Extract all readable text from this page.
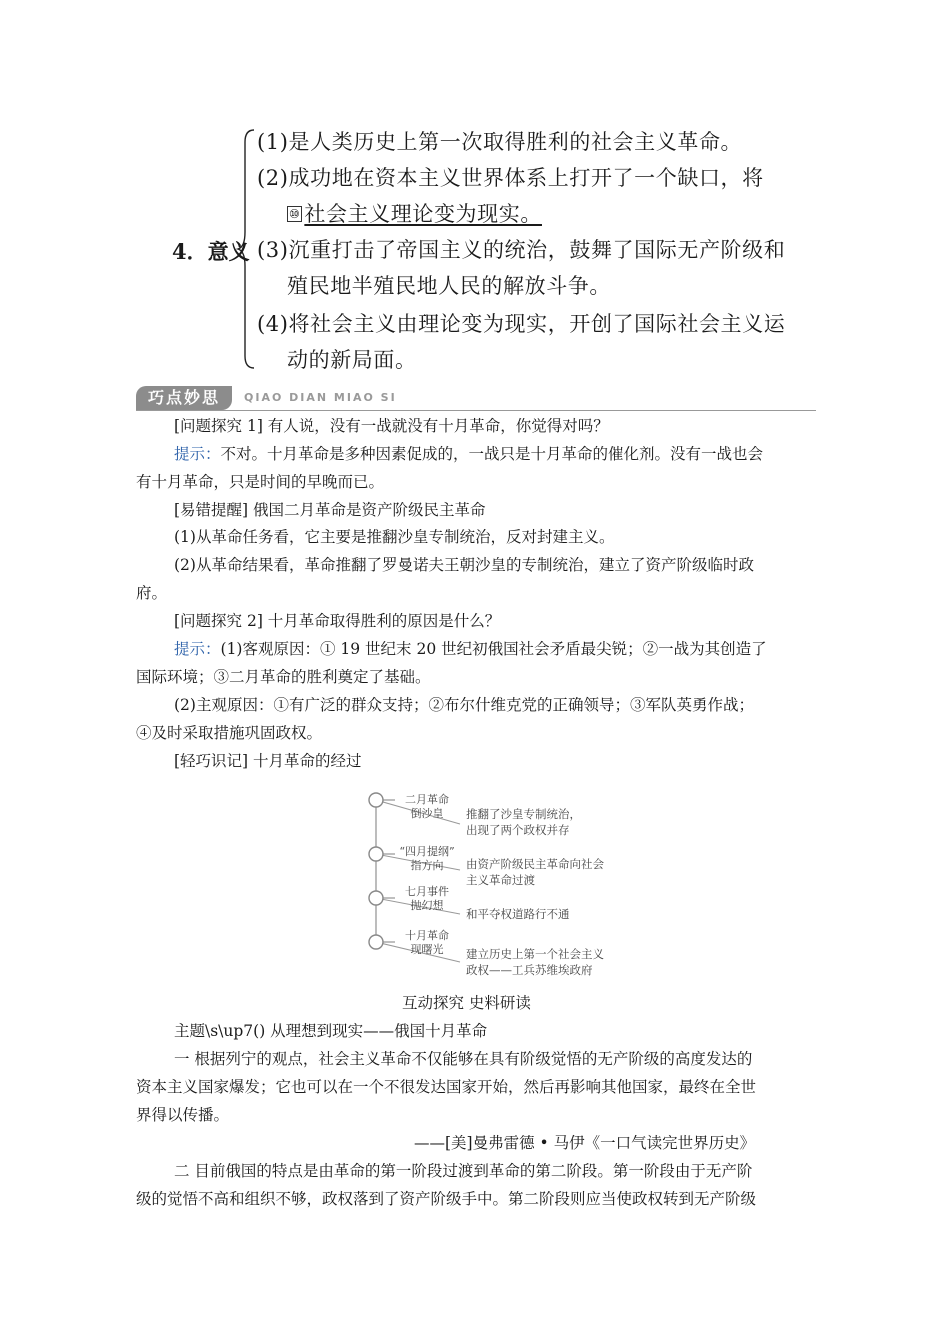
4．意义
(1)是人类历史上第一次取得胜利的社会主义革命。
(2)成功地在资本主义世界体系上打开了一个缺口，将
⑩ 社会主义理论变为现实。
(3)沉重打击了帝国主义的统治，鼓舞了国际无产阶级和
殖民地半殖民地人民的解放斗争。
(4)将社会主义由理论变为现实，开创了国际社会主义运
动的新局面。
巧点妙思	QIAO DIAN MIAO SI
[问题探究 1] 有人说，没有一战就没有十月革命，你觉得对吗？
提示：不对。十月革命是多种因素促成的，一战只是十月革命的催化剂。没有一战也会
有十月革命，只是时间的早晚而已。
[易错提醒] 俄国二月革命是资产阶级民主革命
(1)从革命任务看，它主要是推翻沙皇专制统治，反对封建主义。
(2)从革命结果看，革命推翻了罗曼诺夫王朝沙皇的专制统治，建立了资产阶级临时政
府。
[问题探究 2] 十月革命取得胜利的原因是什么？
提示：(1)客观原因：① 19 世纪末 20 世纪初俄国社会矛盾最尖锐；②一战为其创造了
国际环境；③二月革命的胜利奠定了基础。
(2)主观原因：①有广泛的群众支持；②布尔什维克党的正确领导；③军队英勇作战；
④及时采取措施巩固政权。
[轻巧识记] 十月革命的经过
二月革命
倒沙皇	推翻了沙皇专制统治，
出现了两个政权并存
“四月提纲”
指方向	由资产阶级民主革命向社会
主义革命过渡
七月事件
抛幻想
和平夺权道路行不通
十月革命
现曙光	建立历史上第一个社会主义
政权——工兵苏维埃政府
互动探究 史料研读
主题\s\up7() 从理想到现实——俄国十月革命
一 根据列宁的观点，社会主义革命不仅能够在具有阶级觉悟的无产阶级的高度发达的
资本主义国家爆发；它也可以在一个不很发达国家开始，然后再影响其他国家，最终在全世
界得以传播。
——[美]曼弗雷德 • 马伊《一口气读完世界历史》
二 目前俄国的特点是由革命的第一阶段过渡到革命的第二阶段。第一阶段由于无产阶
级的觉悟不高和组织不够，政权落到了资产阶级手中。第二阶段则应当使政权转到无产阶级
